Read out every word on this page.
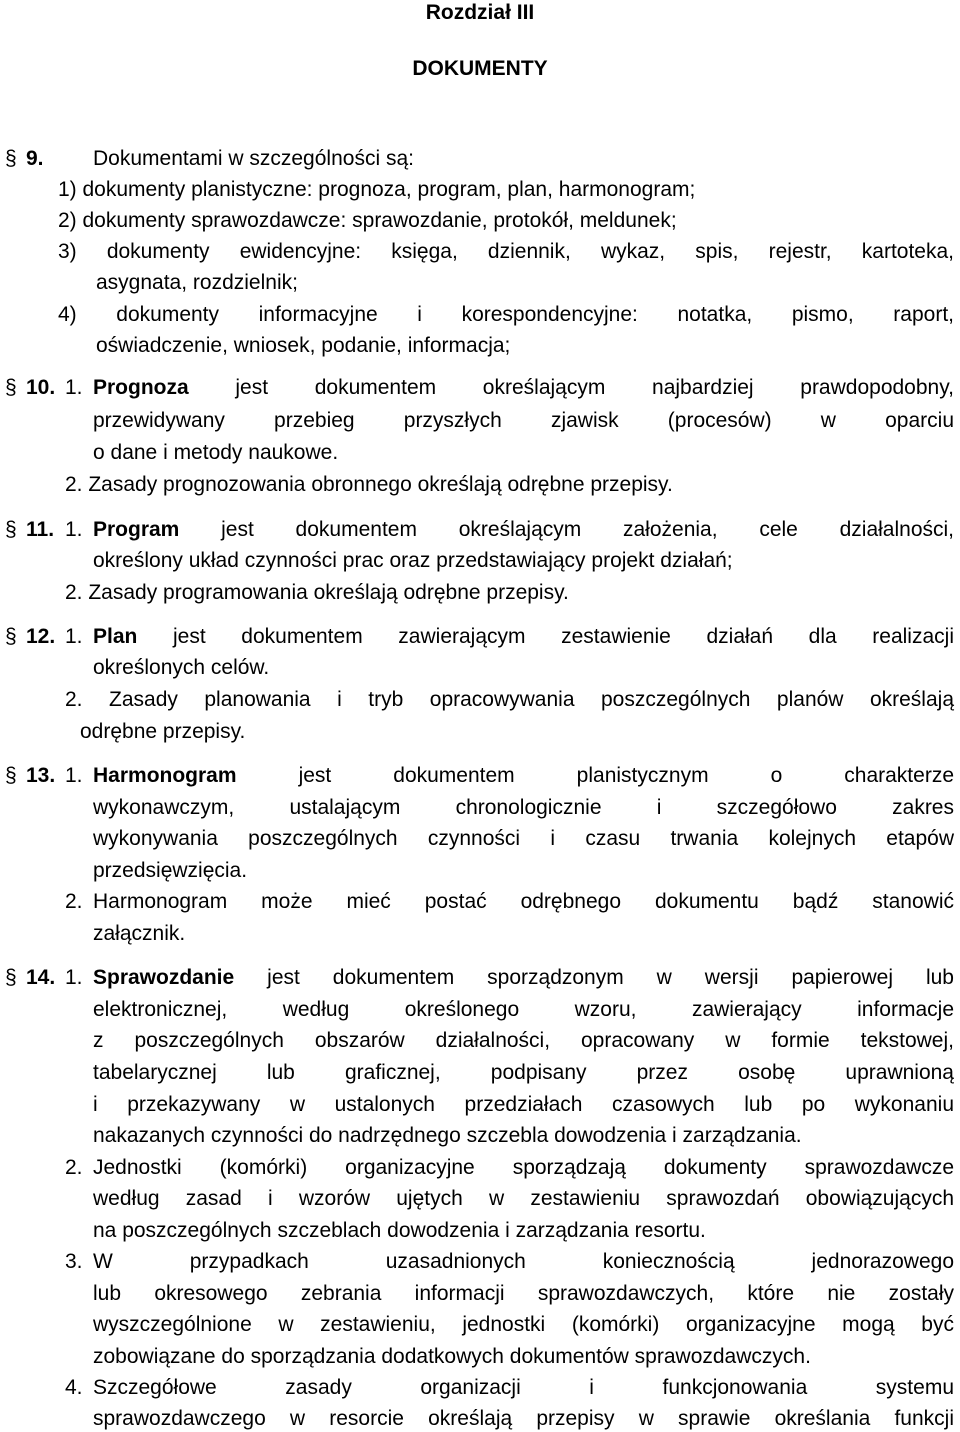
Rozdział III
DOKUMENTY
§ 9. Dokumentami w szczególności są:
1) dokumenty planistyczne: prognoza, program, plan, harmonogram;
2) dokumenty sprawozdawcze: sprawozdanie, protokół, meldunek;
3) dokumenty ewidencyjne: księga, dziennik, wykaz, spis, rejestr, kartoteka,
asygnata, rozdzielnik;
4) dokumenty informacyjne i korespondencyjne: notatka, pismo, raport,
oświadczenie, wniosek, podanie, informacja;
§ 10. 1. Prognoza jest dokumentem określającym najbardziej prawdopodobny,
przewidywany przebieg przyszłych zjawisk (procesów) w oparciu
o dane i metody naukowe.
2. Zasady prognozowania obronnego określają odrębne przepisy.
§ 11. 1. Program jest dokumentem określającym założenia, cele działalności,
określony układ czynności prac oraz przedstawiający projekt działań;
2. Zasady programowania określają odrębne przepisy.
§ 12. 1. Plan jest dokumentem zawierającym zestawienie działań dla realizacji
określonych celów.
2. Zasady planowania i tryb opracowywania poszczególnych planów określają
odrębne przepisy.
§ 13. 1. Harmonogram	jest dokumentem planistycznym o charakterze
wykonawczym, ustalającym chronologicznie i szczegółowo zakres
wykonywania poszczególnych czynności i czasu trwania kolejnych etapów
przedsięwzięcia.
2. Harmonogram może mieć postać odrębnego dokumentu bądź stanowić
załącznik.
§ 14. 1. Sprawozdanie jest dokumentem sporządzonym w wersji papierowej lub
elektronicznej, według określonego wzoru, zawierający informacje
z poszczególnych obszarów działalności, opracowany w formie tekstowej,
tabelarycznej lub graficznej, podpisany przez osobę uprawnioną
i przekazywany w ustalonych przedziałach czasowych lub po wykonaniu
nakazanych czynności do nadrzędnego szczebla dowodzenia i zarządzania.
2. Jednostki (komórki) organizacyjne sporządzają dokumenty sprawozdawcze
według zasad i wzorów ujętych w zestawieniu sprawozdań obowiązujących
na poszczególnych szczeblach dowodzenia i zarządzania resortu.
3. W przypadkach uzasadnionych koniecznością jednorazowego
lub okresowego zebrania informacji sprawozdawczych, które nie zostały
wyszczególnione w zestawieniu, jednostki (komórki) organizacyjne mogą być
zobowiązane do sporządzania dodatkowych dokumentów sprawozdawczych.
4. Szczegółowe zasady organizacji i funkcjonowania systemu
sprawozdawczego w resorcie określają przepisy w sprawie określania funkcji
